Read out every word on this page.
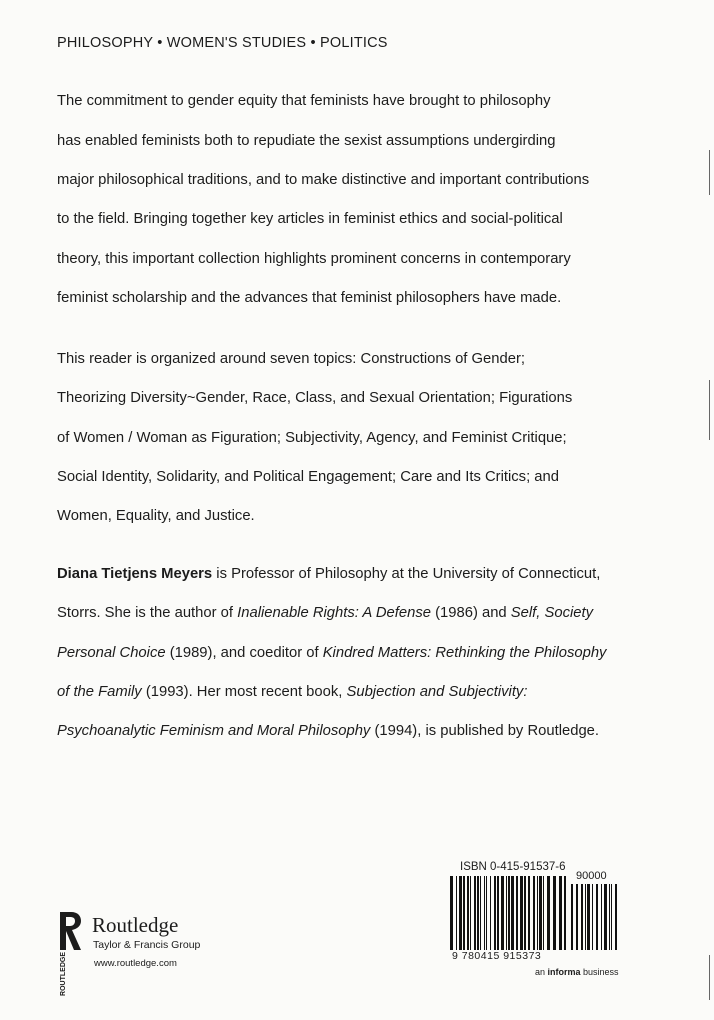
PHILOSOPHY • WOMEN'S STUDIES • POLITICS
The commitment to gender equity that feminists have brought to philosophy
has enabled feminists both to repudiate the sexist assumptions undergirding
major philosophical traditions, and to make distinctive and important contributions
to the field. Bringing together key articles in feminist ethics and social-political
theory, this important collection highlights prominent concerns in contemporary
feminist scholarship and the advances that feminist philosophers have made.
This reader is organized around seven topics: Constructions of Gender;
Theorizing Diversity~Gender, Race, Class, and Sexual Orientation; Figurations
of Women / Woman as Figuration; Subjectivity, Agency, and Feminist Critique;
Social Identity, Solidarity, and Political Engagement; Care and Its Critics; and
Women, Equality, and Justice.
Diana Tietjens Meyers is Professor of Philosophy at the University of Connecticut,
Storrs. She is the author of Inalienable Rights: A Defense (1986) and Self, Society
Personal Choice (1989), and coeditor of Kindred Matters: Rethinking the Philosophy
of the Family (1993). Her most recent book, Subjection and Subjectivity:
Psychoanalytic Feminism and Moral Philosophy (1994), is published by Routledge.
ROUTLEDGE
Routledge
Taylor & Francis Group
www.routledge.com
ISBN 0-415-91537-6
90000
9 780415 915373
an informa business
